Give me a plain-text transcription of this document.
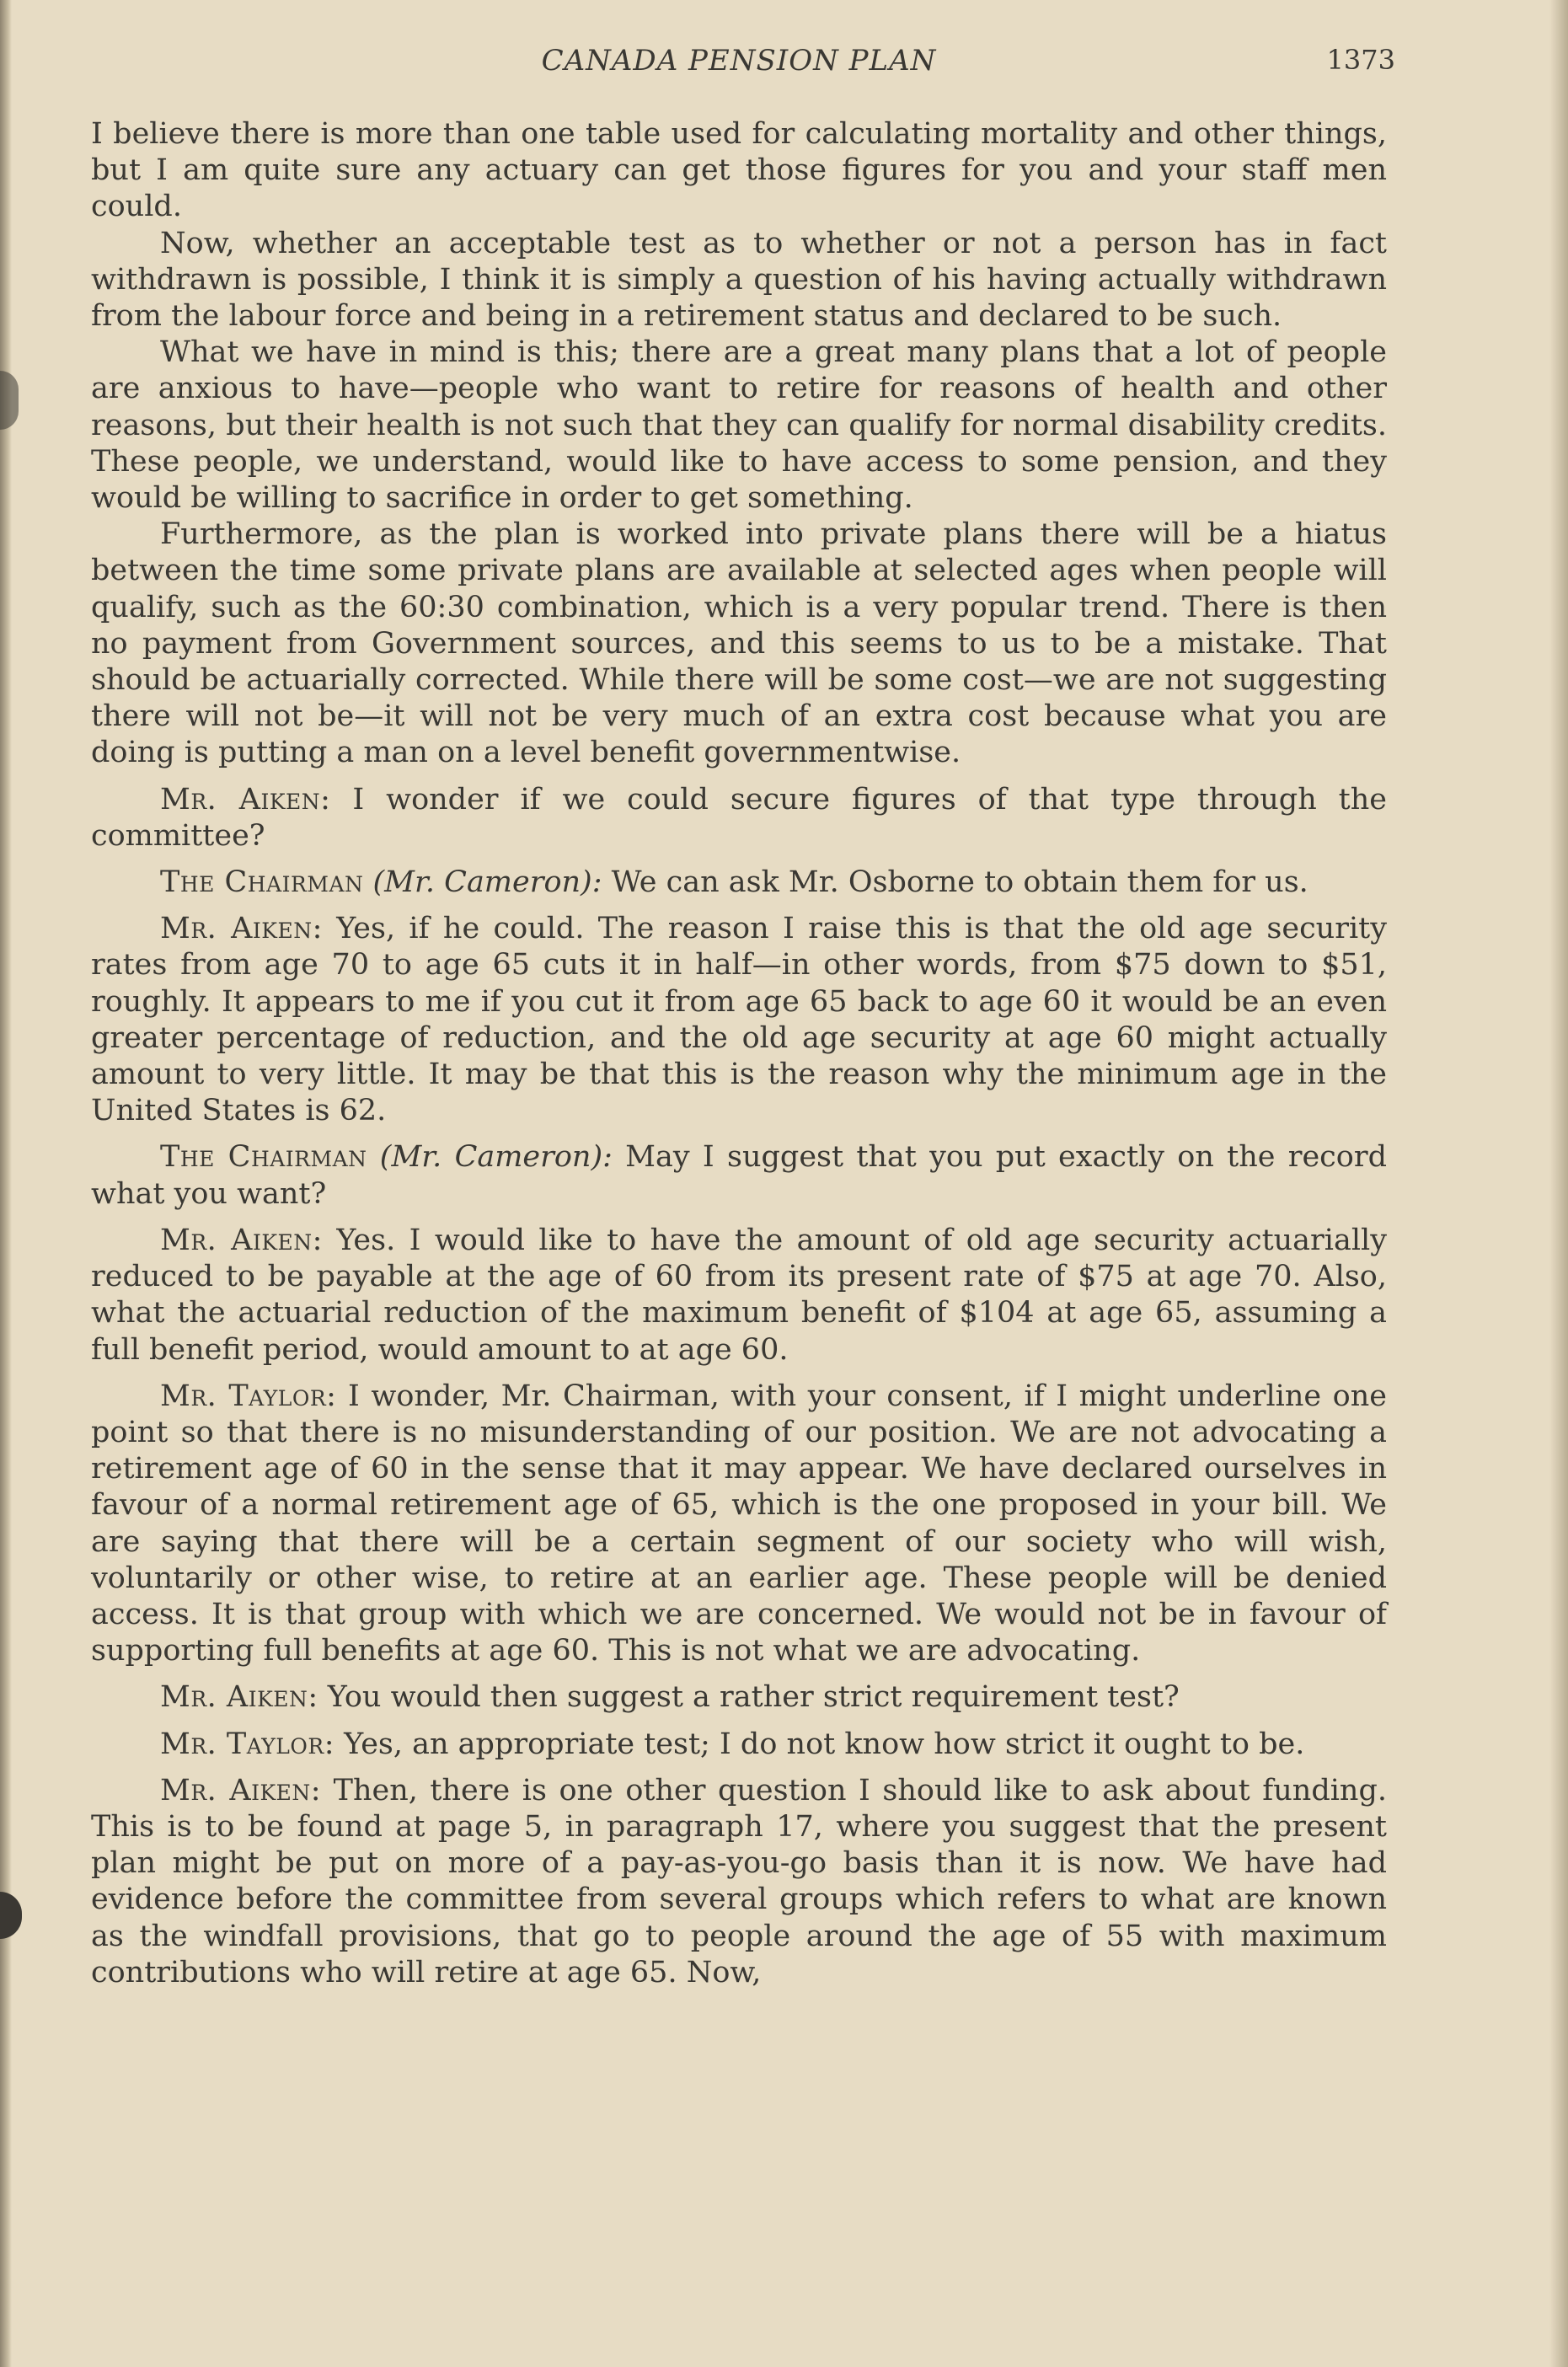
CANADA PENSION PLAN	1373

I believe there is more than one table used for calculating mortality and other things, but I am quite sure any actuary can get those figures for you and your staff men could.

Now, whether an acceptable test as to whether or not a person has in fact withdrawn is possible, I think it is simply a question of his having actually withdrawn from the labour force and being in a retirement status and declared to be such.

What we have in mind is this; there are a great many plans that a lot of people are anxious to have—people who want to retire for reasons of health and other reasons, but their health is not such that they can qualify for normal disability credits. These people, we understand, would like to have access to some pension, and they would be willing to sacrifice in order to get something.

Furthermore, as the plan is worked into private plans there will be a hiatus between the time some private plans are available at selected ages when people will qualify, such as the 60:30 combination, which is a very popular trend. There is then no payment from Government sources, and this seems to us to be a mistake. That should be actuarially corrected. While there will be some cost—we are not suggesting there will not be—it will not be very much of an extra cost because what you are doing is putting a man on a level benefit governmentwise.

Mr. Aiken: I wonder if we could secure figures of that type through the committee?

The Chairman (Mr. Cameron): We can ask Mr. Osborne to obtain them for us.

Mr. Aiken: Yes, if he could. The reason I raise this is that the old age security rates from age 70 to age 65 cuts it in half—in other words, from $75 down to $51, roughly. It appears to me if you cut it from age 65 back to age 60 it would be an even greater percentage of reduction, and the old age security at age 60 might actually amount to very little. It may be that this is the reason why the minimum age in the United States is 62.

The Chairman (Mr. Cameron): May I suggest that you put exactly on the record what you want?

Mr. Aiken: Yes. I would like to have the amount of old age security actuarially reduced to be payable at the age of 60 from its present rate of $75 at age 70. Also, what the actuarial reduction of the maximum benefit of $104 at age 65, assuming a full benefit period, would amount to at age 60.

Mr. Taylor: I wonder, Mr. Chairman, with your consent, if I might underline one point so that there is no misunderstanding of our position. We are not advocating a retirement age of 60 in the sense that it may appear. We have declared ourselves in favour of a normal retirement age of 65, which is the one proposed in your bill. We are saying that there will be a certain segment of our society who will wish, voluntarily or other wise, to retire at an earlier age. These people will be denied access. It is that group with which we are concerned. We would not be in favour of supporting full benefits at age 60. This is not what we are advocating.

Mr. Aiken: You would then suggest a rather strict requirement test?

Mr. Taylor: Yes, an appropriate test; I do not know how strict it ought to be.

Mr. Aiken: Then, there is one other question I should like to ask about funding. This is to be found at page 5, in paragraph 17, where you suggest that the present plan might be put on more of a pay-as-you-go basis than it is now. We have had evidence before the committee from several groups which refers to what are known as the windfall provisions, that go to people around the age of 55 with maximum contributions who will retire at age 65. Now,
